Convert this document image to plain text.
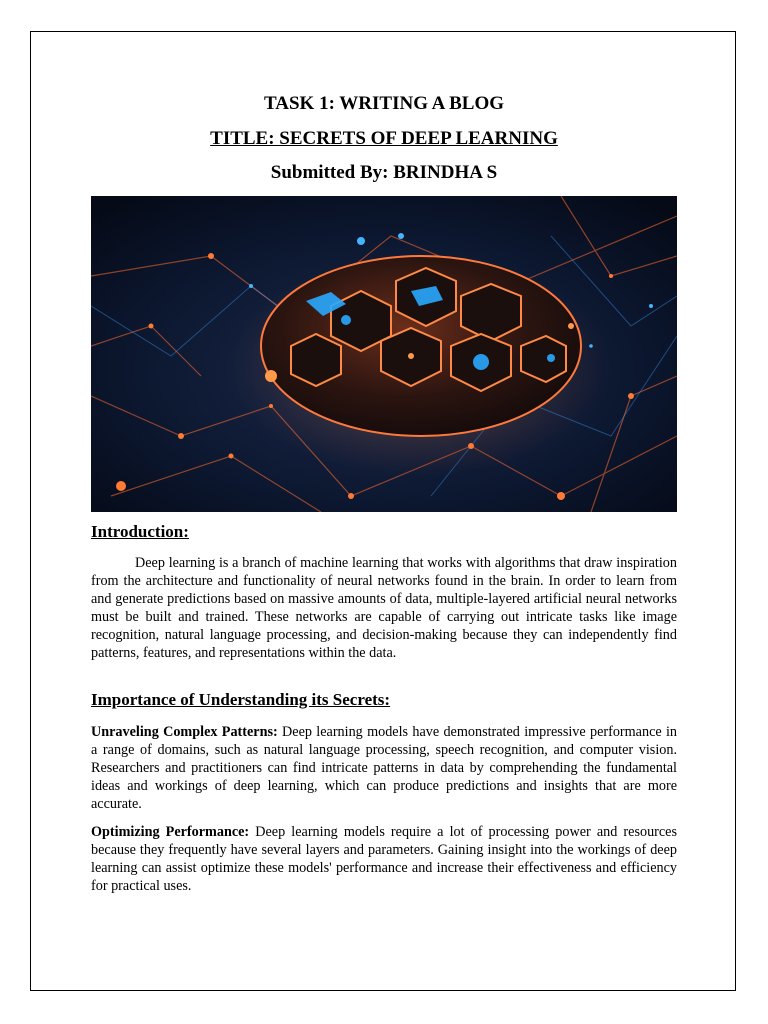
TASK 1: WRITING A BLOG
TITLE: SECRETS OF DEEP LEARNING
Submitted By: BRINDHA S
Introduction:

Deep learning is a branch of machine learning that works with algorithms that draw inspiration from the architecture and functionality of neural networks found in the brain. In order to learn from and generate predictions based on massive amounts of data, multiple-layered artificial neural networks must be built and trained. These networks are capable of carrying out intricate tasks like image recognition, natural language processing, and decision-making because they can independently find patterns, features, and representations within the data.

Importance of Understanding its Secrets:

Unraveling Complex Patterns: Deep learning models have demonstrated impressive performance in a range of domains, such as natural language processing, speech recognition, and computer vision. Researchers and practitioners can find intricate patterns in data by comprehending the fundamental ideas and workings of deep learning, which can produce predictions and insights that are more accurate.

Optimizing Performance: Deep learning models require a lot of processing power and resources because they frequently have several layers and parameters. Gaining insight into the workings of deep learning can assist optimize these models' performance and increase their effectiveness and efficiency for practical uses.
